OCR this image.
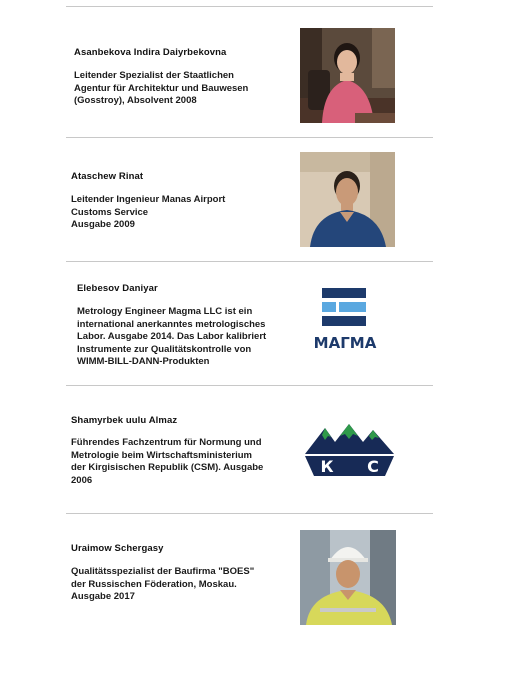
Asanbekova Indira Daiyrbekovna
Leitender Spezialist der Staatlichen
Agentur für Architektur und Bauwesen
(Gosstroy), Absolvent 2008
Ataschew Rinat
Leitender Ingenieur Manas Airport
Customs Service
Ausgabe 2009
Elebesov Daniyar
Metrology Engineer Magma LLC ist ein
international anerkanntes metrologisches
Labor. Ausgabe 2014. Das Labor kalibriert
Instrumente zur Qualitätskontrolle von
WIMM-BILL-DANN-Produkten
МАГМА
Shamyrbek uulu Almaz
Führendes Fachzentrum für Normung und
Metrologie beim Wirtschaftsministerium
der Kirgisischen Republik (CSM). Ausgabe
2006
К С
Uraimow Schergasy
Qualitätsspezialist der Baufirma "BOES"
der Russischen Föderation, Moskau.
Ausgabe 2017
